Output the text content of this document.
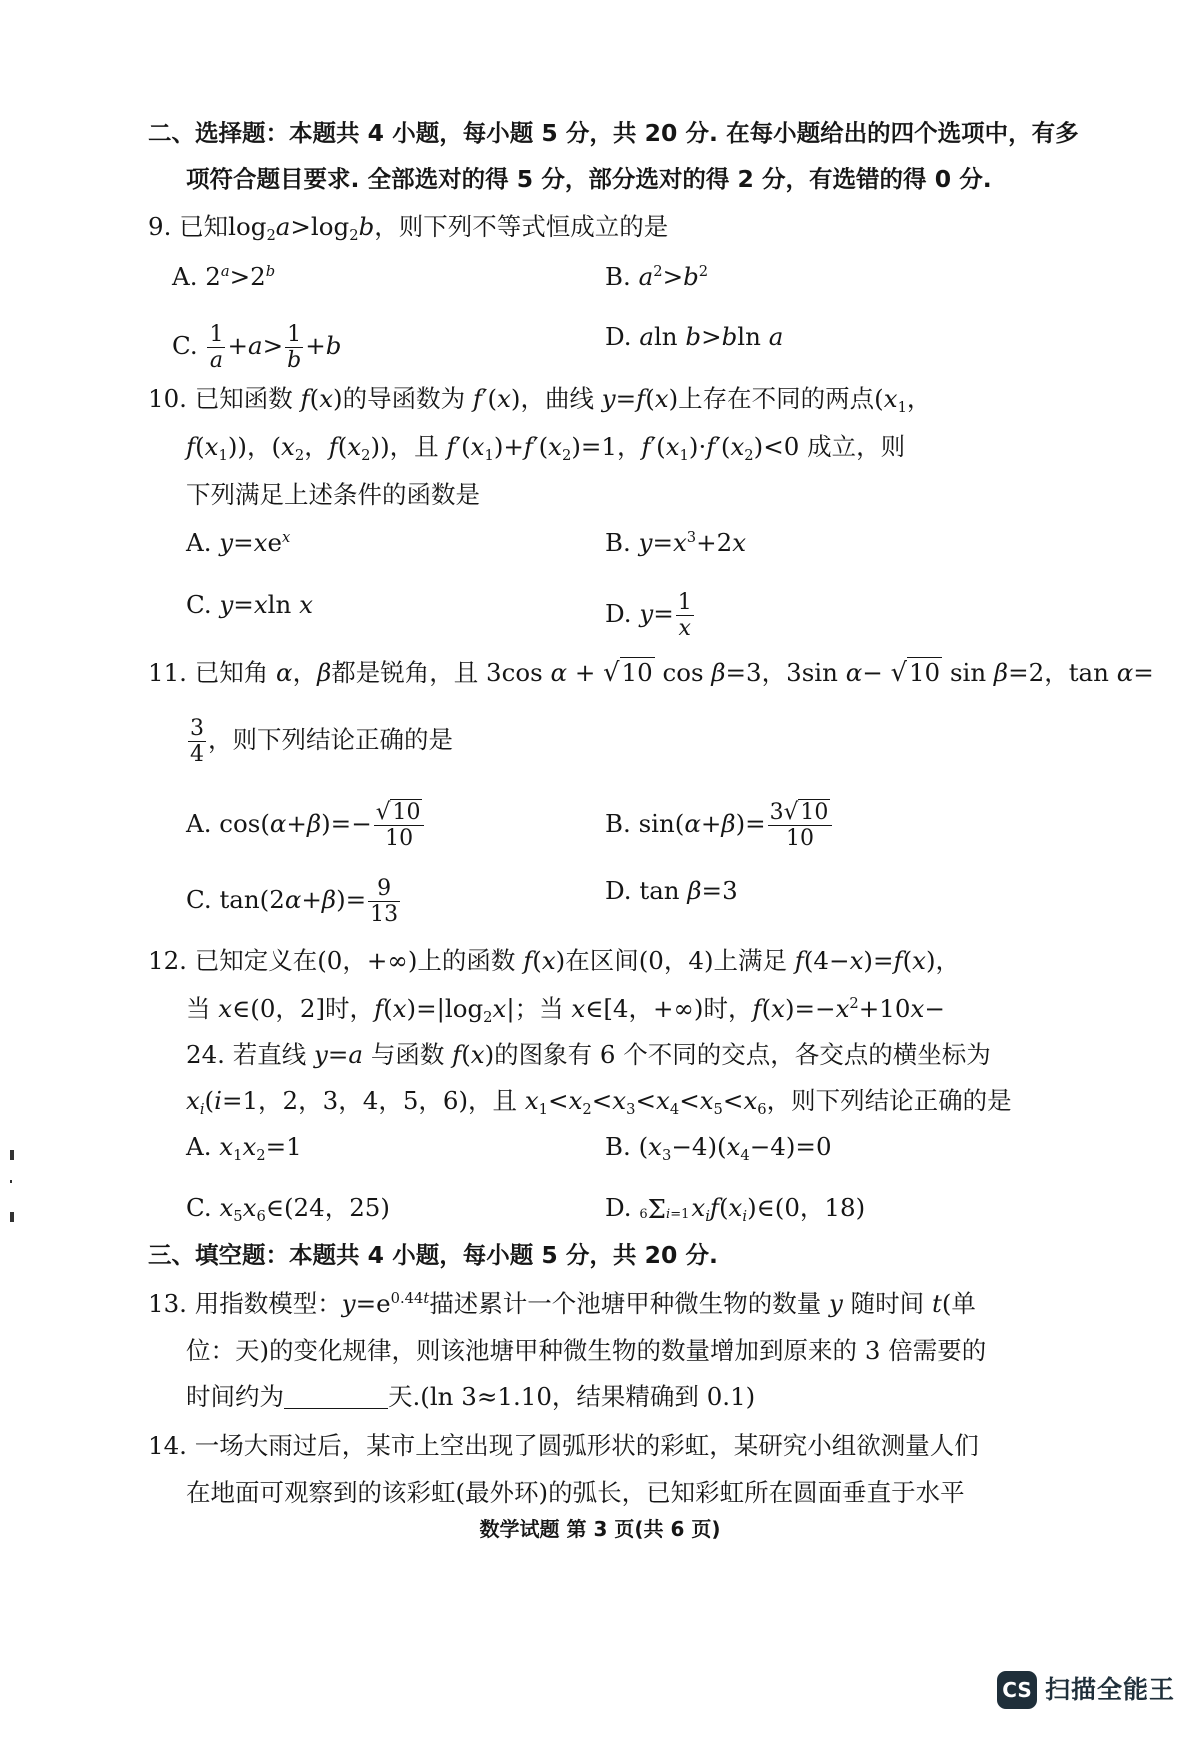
二、选择题：本题共 4 小题，每小题 5 分，共 20 分. 在每小题给出的四个选项中，有多
项符合题目要求. 全部选对的得 5 分，部分选对的得 2 分，有选错的得 0 分.
9. 已知$\log_2a>\log_2b$，则下列不等式恒成立的是
A. $2^a>2^b$	B. $a^2>b^2$
C. $\frac{1}{a} +a> \frac{1}{b} +b$	D. aln b>bln a
10. 已知函数 f(x)的导函数为 f′(x)，曲线 y=f(x)上存在不同的两点($x_1$，
$f(x_1)$)，($x_2$，$f(x_2)$)，且 $f'(x_1)+f'(x_2)=1$，$f'(x_1)\cdot f'(x_2)<0$ 成立，则
下列满足上述条件的函数是
A. $y=xe^x$	B. $y=x^3+2x$
C. y=xln x	D. $y= \frac{1}{x}$
11. 已知角 α，β都是锐角，且 3cos α + √10 cos β=3，3sin α− √10 sin β=2，tan α=
$\frac{3}{4}$ ，则下列结论正确的是
A. $\cos(\alpha+\beta)=- \frac{√10}{10}$	B. $\sin(\alpha+\beta)= \frac{3√10}{10}$
C. $\tan(2\alpha+\beta)= \frac{9}{13}$	D. tan β=3
12. 已知定义在(0，+∞)上的函数 f(x)在区间(0，4)上满足 f(4−x)=f(x)，
当 x∈(0，2]时，$f(x)=|\log_2x|$；当 x∈[4，+∞)时，$f(x)=-x^2+10x-$
24. 若直线 y=a 与函数 f(x)的图象有 6 个不同的交点，各交点的横坐标为
$x_i(i=1$，2，3，4，5，6)，且 $x_1<x_2<x_3<x_4<x_5<x_6$，则下列结论正确的是
A. $x_1x_2=1$	B. $(x_3-4)(x_4-4)=0$
C. $x_5x_6\in(24$，25)	D. $6\Sigma i=1x_if(x_i)\in(0$，18)
三、填空题：本题共 4 小题，每小题 5 分，共 20 分.
13. 用指数模型：$y=e^{0.44t}$描述累计一个池塘甲种微生物的数量 y 随时间 t(单
位：天)的变化规律，则该池塘甲种微生物的数量增加到原来的 3 倍需要的
时间约为	天.(ln 3≈1.10，结果精确到 0.1)
14. 一场大雨过后，某市上空出现了圆弧形状的彩虹，某研究小组欲测量人们
在地面可观察到的该彩虹(最外环)的弧长，已知彩虹所在圆面垂直于水平
数学试题 第 3 页(共 6 页)
CS 扫描全能王
